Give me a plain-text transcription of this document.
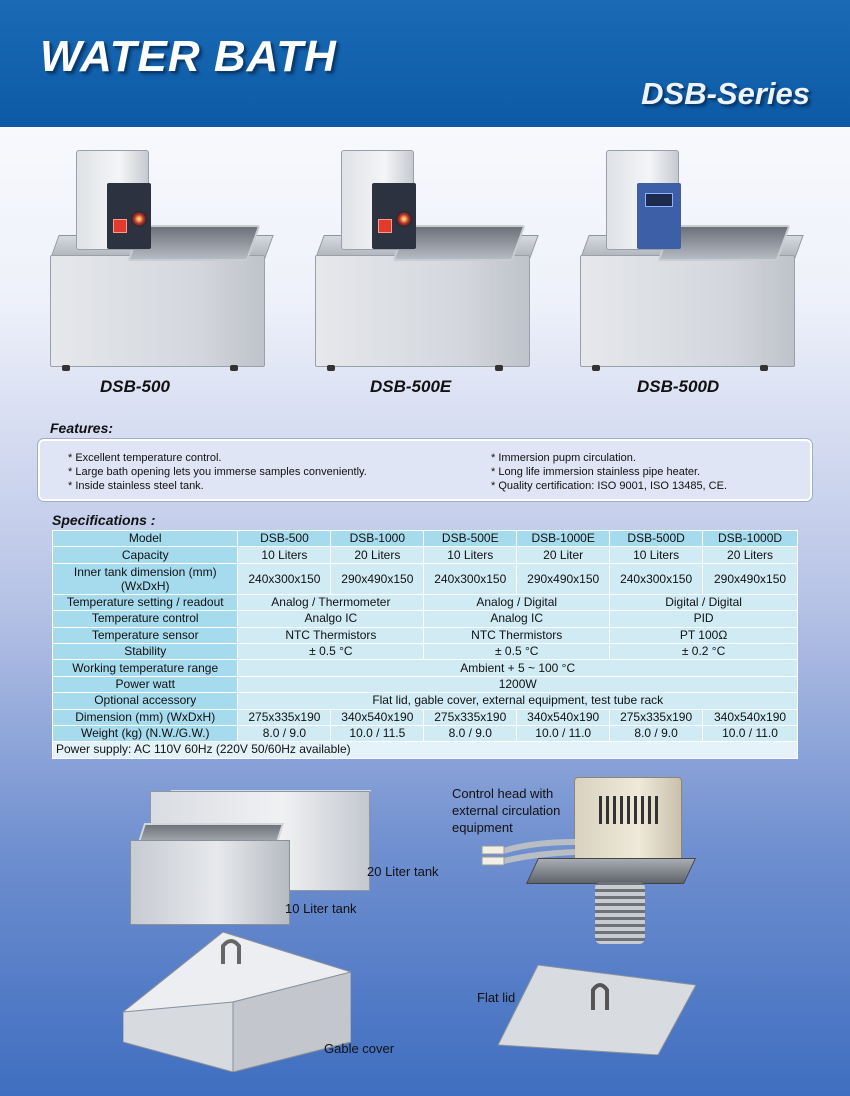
WATER BATH
DSB-Series
DSB-500	DSB-500E	DSB-500D
Features:
* Excellent temperature control.
* Large bath opening lets you immerse samples conveniently.
* Inside stainless steel tank.
* Immersion pupm circulation.
* Long life immersion stainless pipe heater.
* Quality certification: ISO 9001, ISO 13485, CE.
Specifications :
Model	DSB-500	DSB-1000	DSB-500E	DSB-1000E	DSB-500D	DSB-1000D
Capacity	10 Liters	20 Liters	10 Liters	20 Liter	10 Liters	20 Liters

Inner tank dimension (mm)
(WxDxH)	240x300x150	290x490x150	240x300x150	290x490x150	240x300x150	290x490x150
Temperature setting / readout	Analog / Thermometer		Analog / Digital		Digital / Digital	
Temperature control	Analgo IC		Analog IC		PID	
Temperature sensor	NTC Thermistors		NTC Thermistors		PT 100Ω	
Stability	± 0.5 °C		± 0.5 °C		± 0.2 °C	
Working temperature range	Ambient + 5 ~ 100 °C					
Power watt	1200W					
Optional accessory	Flat lid, gable cover, external equipment, test tube rack					
Dimension (mm) (WxDxH)	275x335x190	340x540x190	275x335x190	340x540x190	275x335x190	340x540x190
Weight (kg) (N.W./G.W.)	8.0 / 9.0	10.0 / 11.5	8.0 / 9.0	10.0 / 11.0	8.0 / 9.0	10.0 / 11.0
Power supply: AC 110V 60Hz (220V 50/60Hz available)						
20 Liter tank
10 Liter tank
Gable cover
Control head with
external circulation
equipment
Flat lid
